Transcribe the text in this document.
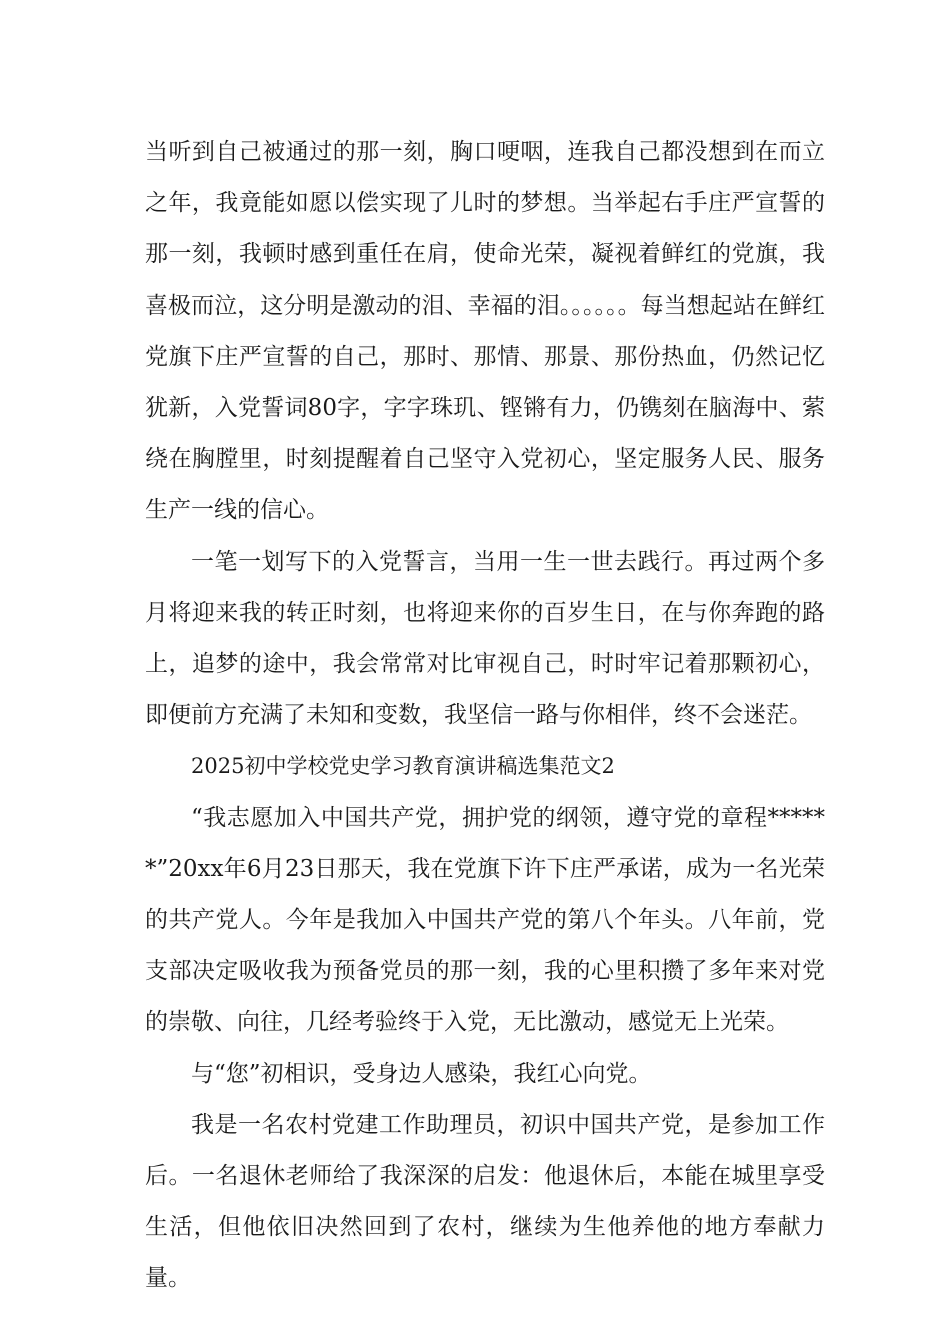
当听到自己被通过的那一刻，胸口哽咽，连我自己都没想到在而立之年，我竟能如愿以偿实现了儿时的梦想。当举起右手庄严宣誓的那一刻，我顿时感到重任在肩，使命光荣，凝视着鲜红的党旗，我喜极而泣，这分明是激动的泪、幸福的泪。。。。。。每当想起站在鲜红党旗下庄严宣誓的自己，那时、那情、那景、那份热血，仍然记忆犹新，入党誓词80字，字字珠玑、铿锵有力，仍镌刻在脑海中、萦绕在胸膛里，时刻提醒着自己坚守入党初心，坚定服务人民、服务生产一线的信心。

一笔一划写下的入党誓言，当用一生一世去践行。再过两个多月将迎来我的转正时刻，也将迎来你的百岁生日，在与你奔跑的路上，追梦的途中，我会常常对比审视自己，时时牢记着那颗初心，即便前方充满了未知和变数，我坚信一路与你相伴，终不会迷茫。

2025初中学校党史学习教育演讲稿选集范文2

“我志愿加入中国共产党，拥护党的纲领，遵守党的章程******”20xx年6月23日那天，我在党旗下许下庄严承诺，成为一名光荣的共产党人。今年是我加入中国共产党的第八个年头。八年前，党支部决定吸收我为预备党员的那一刻，我的心里积攒了多年来对党的崇敬、向往，几经考验终于入党，无比激动，感觉无上光荣。

与“您”初相识，受身边人感染，我红心向党。

我是一名农村党建工作助理员，初识中国共产党，是参加工作后。一名退休老师给了我深深的启发：他退休后，本能在城里享受生活，但他依旧决然回到了农村，继续为生他养他的地方奉献力量。
